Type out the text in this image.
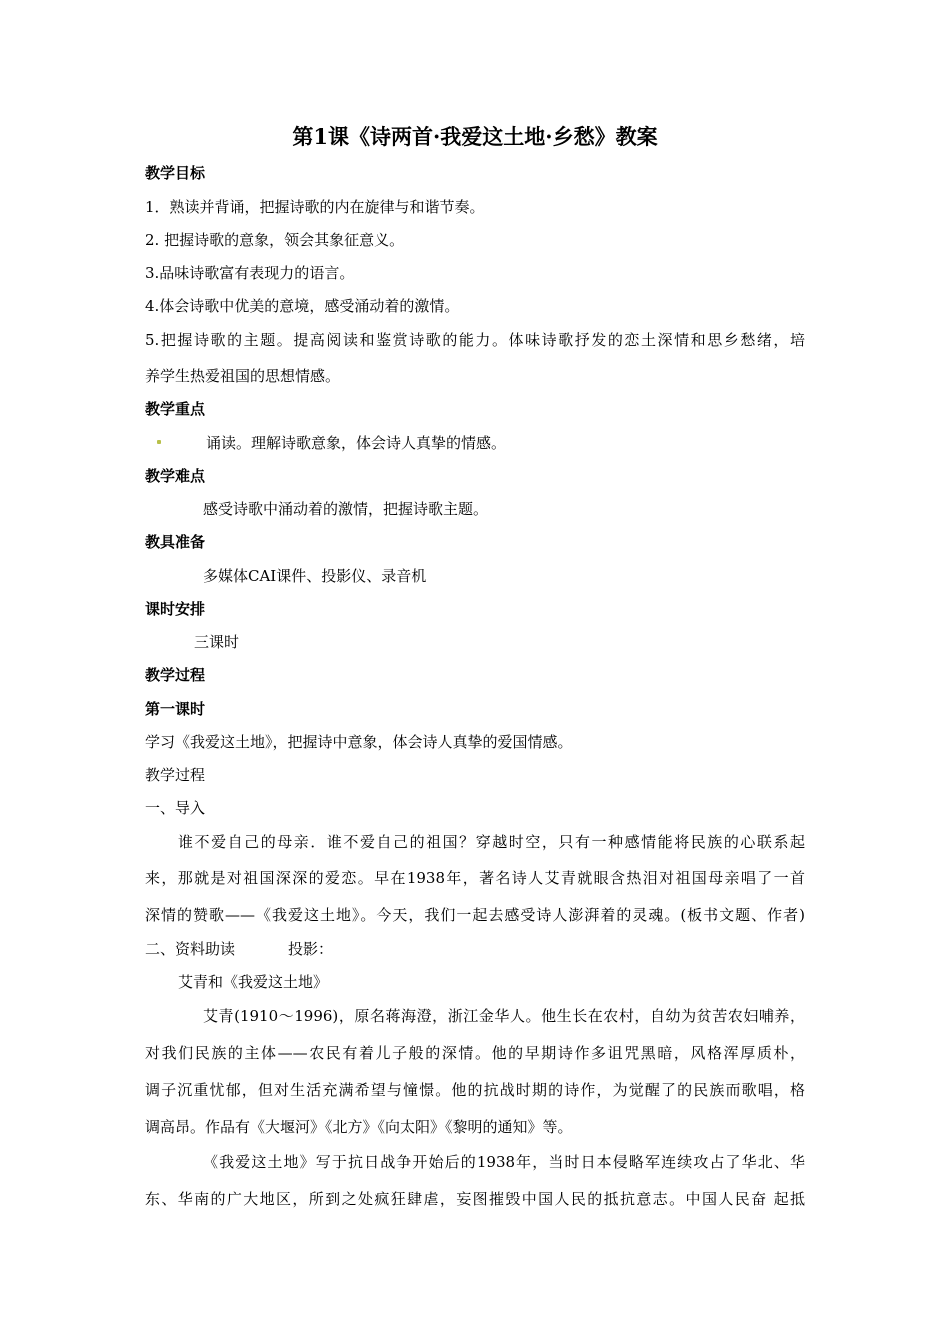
第1课《诗两首·我爱这土地·乡愁》教案
教学目标
1．熟读并背诵，把握诗歌的内在旋律与和谐节奏。
2. 把握诗歌的意象，领会其象征意义。
3.品味诗歌富有表现力的语言。
4.体会诗歌中优美的意境，感受涌动着的激情。
5.把握诗歌的主题。提高阅读和鉴赏诗歌的能力。体味诗歌抒发的恋土深情和思乡愁绪，培
养学生热爱祖国的思想情感。
教学重点
诵读。理解诗歌意象，体会诗人真挚的情感。
教学难点
感受诗歌中涌动着的激情，把握诗歌主题。
教具准备
多媒体CAI课件、投影仪、录音机
课时安排
三课时
教学过程
第一课时
学习《我爱这土地》，把握诗中意象，体会诗人真挚的爱国情感。
教学过程
一、导入
谁不爱自己的母亲．谁不爱自己的祖国？穿越时空，只有一种感情能将民族的心联系起
来，那就是对祖国深深的爱恋。早在1938年，著名诗人艾青就眼含热泪对祖国母亲唱了一首
深情的赞歌——《我爱这土地》。今天，我们一起去感受诗人澎湃着的灵魂。(板书文题、作者)
二、资料助读	投影：
艾青和《我爱这土地》
艾青(1910～1996)，原名蒋海澄，浙江金华人。他生长在农村，自幼为贫苦农妇哺养，
对我们民族的主体——农民有着儿子般的深情。他的早期诗作多诅咒黑暗，风格浑厚质朴，
调子沉重忧郁，但对生活充满希望与憧憬。他的抗战时期的诗作，为觉醒了的民族而歌唱，格
调高昂。作品有《大堰河》《北方》《向太阳》《黎明的通知》等。
《我爱这土地》写于抗日战争开始后的1938年，当时日本侵略军连续攻占了华北、华
东、华南的广大地区，所到之处疯狂肆虐，妄图摧毁中国人民的抵抗意志。中国人民奋 起抵
